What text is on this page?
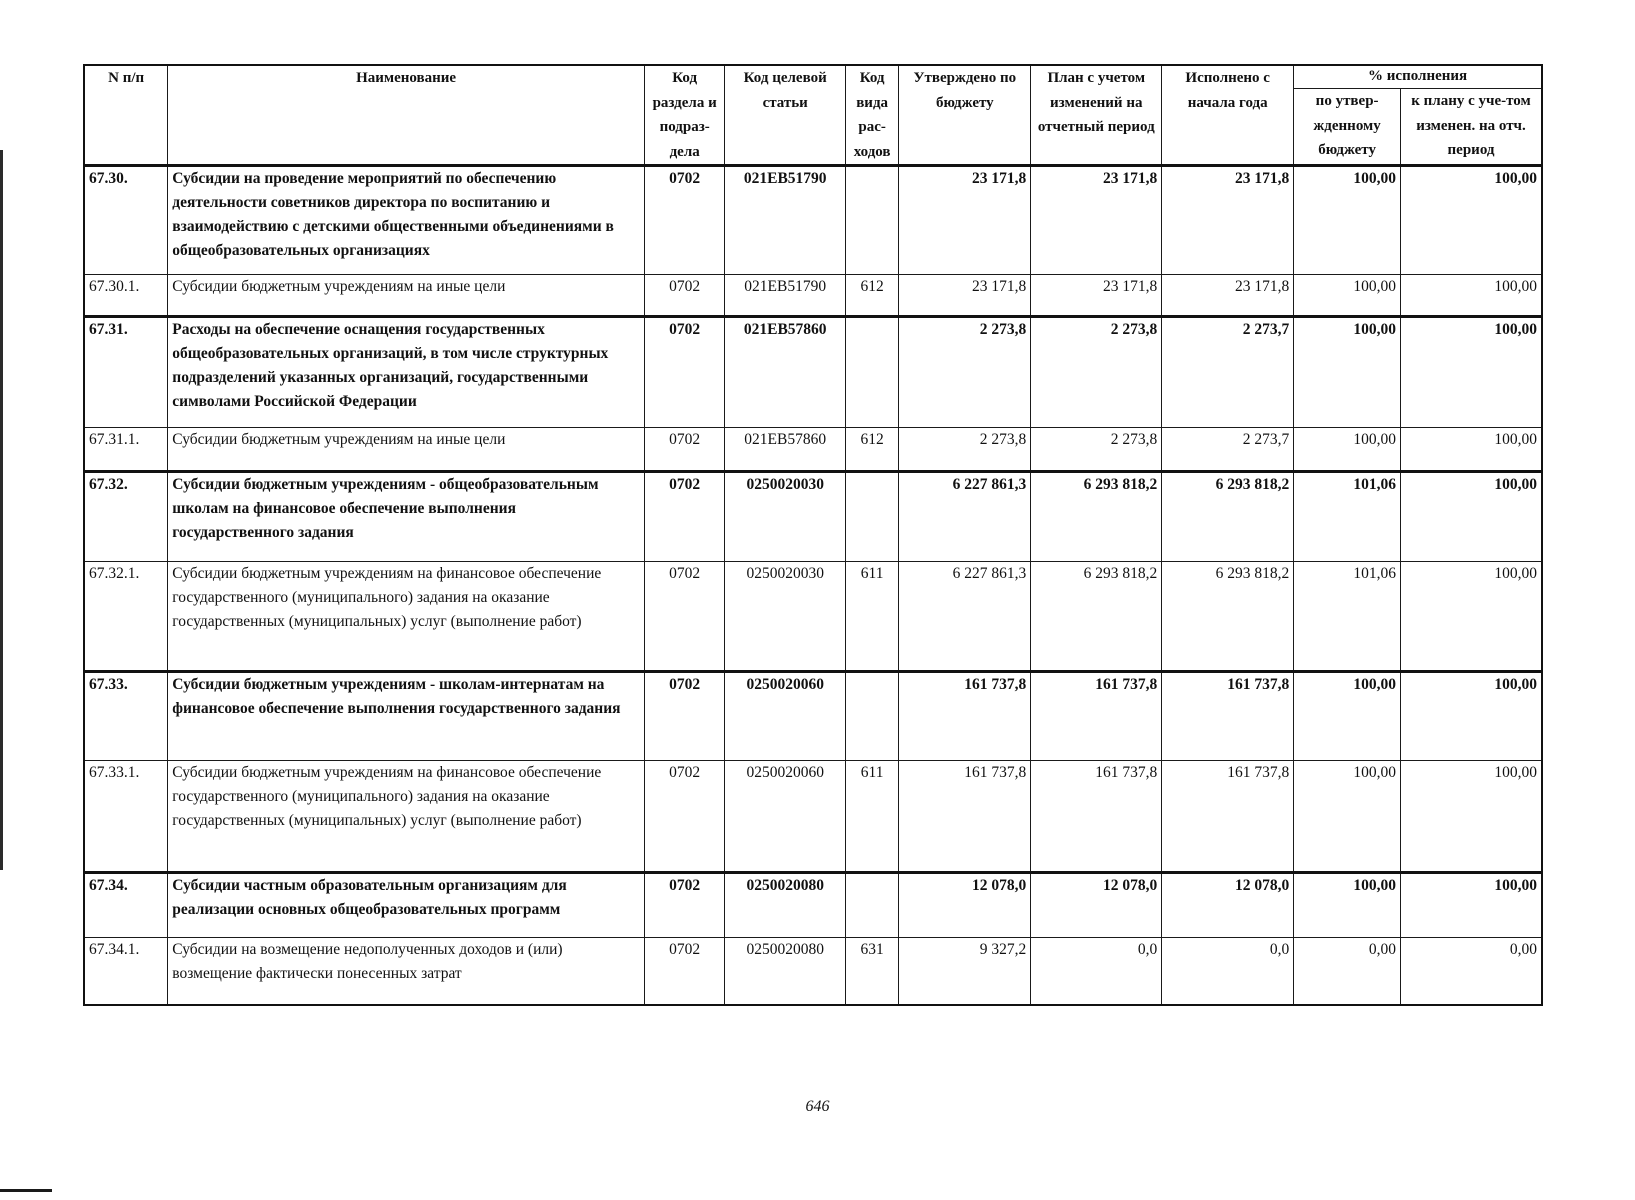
N п/п	Наименование	Код раздела и подраз-дела	Код целевой статьи	Код вида рас-ходов	Утверждено по бюджету	План с учетом изменений на отчетный период	Исполнено с начала года	% исполнения	
								по утвер-жденному бюджету	к плану с уче-том изменен. на отч. период
67.30.	Субсидии на проведение мероприятий по обеспечению деятельности советников директора по воспитанию и взаимодействию с детскими общественными объединениями в общеобразовательных организациях	0702	021EB51790		23 171,8	23 171,8	23 171,8	100,00	100,00
67.30.1.	Субсидии бюджетным учреждениям на иные цели	0702	021EB51790	612	23 171,8	23 171,8	23 171,8	100,00	100,00
67.31.	Расходы на обеспечение оснащения государственных общеобразовательных организаций, в том числе структурных подразделений указанных организаций, государственными символами Российской Федерации	0702	021EB57860		2 273,8	2 273,8	2 273,7	100,00	100,00
67.31.1.	Субсидии бюджетным учреждениям на иные цели	0702	021EB57860	612	2 273,8	2 273,8	2 273,7	100,00	100,00
67.32.	Субсидии бюджетным учреждениям - общеобразовательным школам на финансовое обеспечение выполнения государственного задания	0702	0250020030		6 227 861,3	6 293 818,2	6 293 818,2	101,06	100,00
67.32.1.	Субсидии бюджетным учреждениям на финансовое обеспечение государственного (муниципального) задания на оказание государственных (муниципальных) услуг (выполнение работ)	0702	0250020030	611	6 227 861,3	6 293 818,2	6 293 818,2	101,06	100,00
67.33.	Субсидии бюджетным учреждениям - школам-интернатам на финансовое обеспечение выполнения государственного задания	0702	0250020060		161 737,8	161 737,8	161 737,8	100,00	100,00
67.33.1.	Субсидии бюджетным учреждениям на финансовое обеспечение государственного (муниципального) задания на оказание государственных (муниципальных) услуг (выполнение работ)	0702	0250020060	611	161 737,8	161 737,8	161 737,8	100,00	100,00
67.34.	Субсидии частным образовательным организациям для реализации основных общеобразовательных программ	0702	0250020080		12 078,0	12 078,0	12 078,0	100,00	100,00
67.34.1.	Субсидии на возмещение недополученных доходов и (или) возмещение фактически понесенных затрат	0702	0250020080	631	9 327,2	0,0	0,0	0,00	0,00
646
